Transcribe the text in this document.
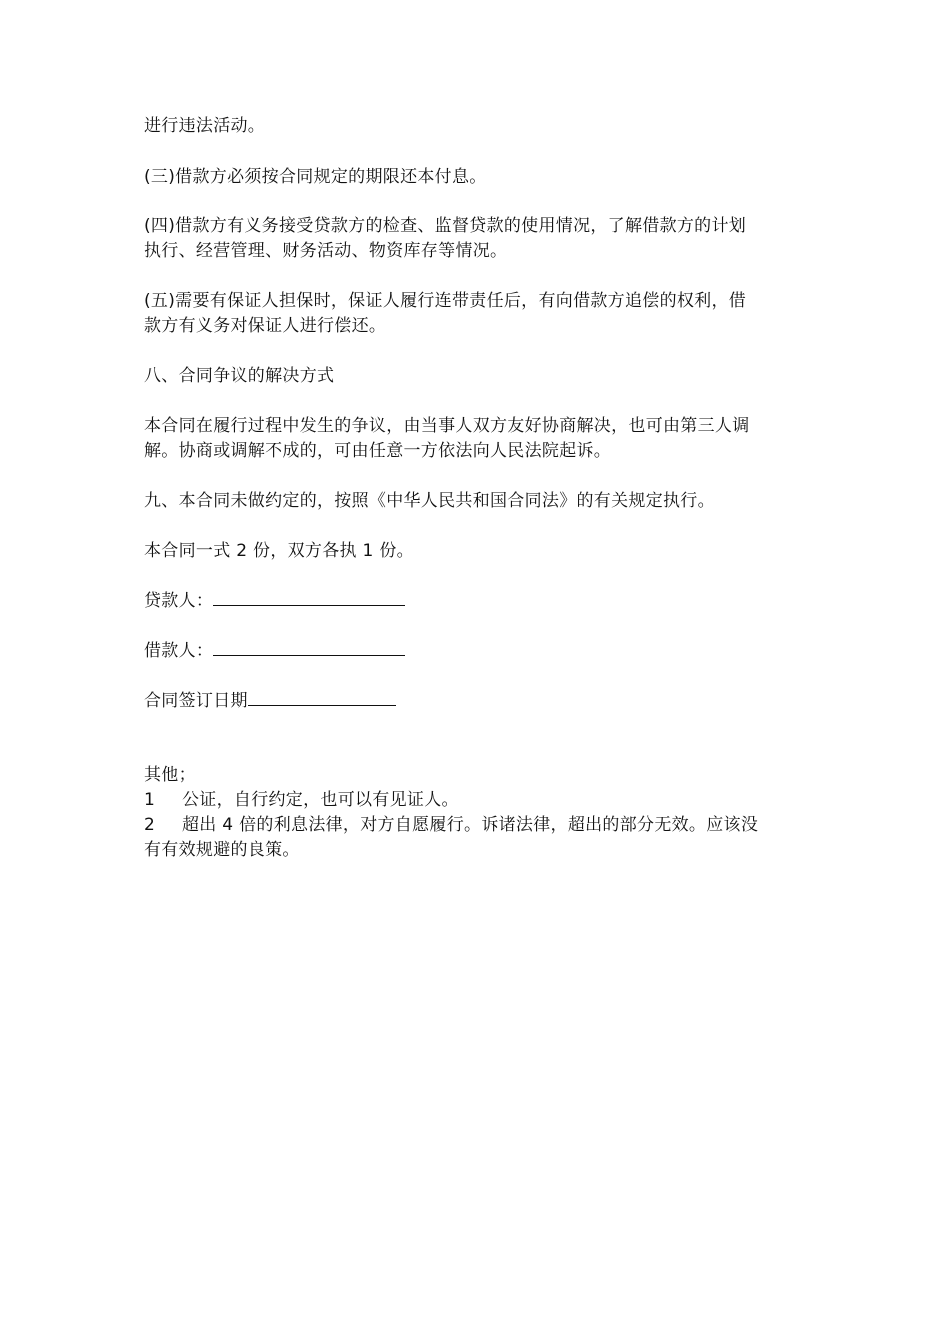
进行违法活动。
(三)借款方必须按合同规定的期限还本付息。
(四)借款方有义务接受贷款方的检查、监督贷款的使用情况，了解借款方的计划
执行、经营管理、财务活动、物资库存等情况。
(五)需要有保证人担保时，保证人履行连带责任后，有向借款方追偿的权利，借
款方有义务对保证人进行偿还。
八、合同争议的解决方式
本合同在履行过程中发生的争议，由当事人双方友好协商解决，也可由第三人调
解。协商或调解不成的，可由任意一方依法向人民法院起诉。
九、本合同未做约定的，按照《中华人民共和国合同法》的有关规定执行。
本合同一式 2 份，双方各执 1 份。
贷款人：
借款人：
合同签订日期
其他；
1 公证，自行约定，也可以有见证人。
2 超出 4 倍的利息法律，对方自愿履行。诉诸法律，超出的部分无效。应该没
有有效规避的良策。
